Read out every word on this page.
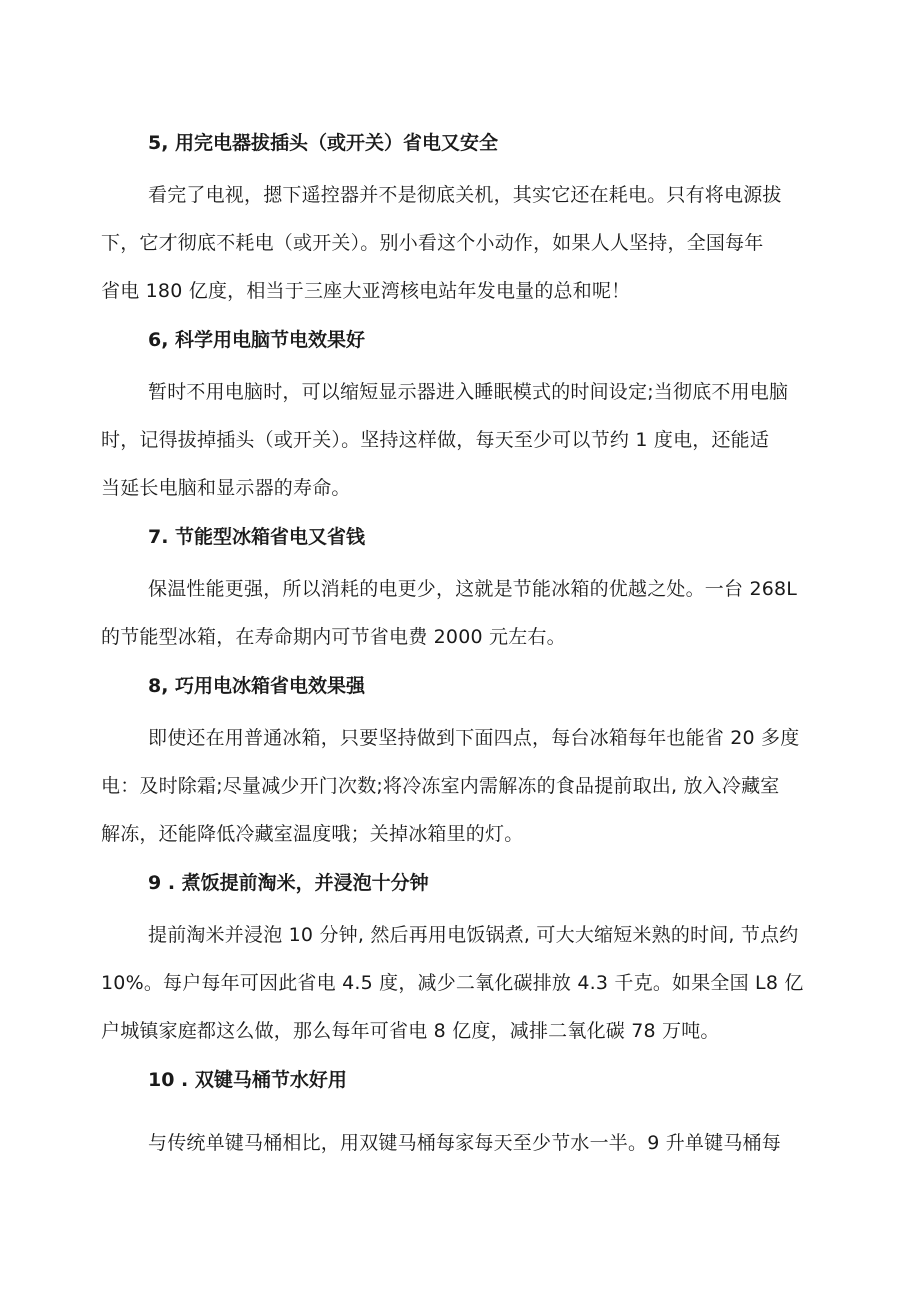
5, 用完电器拔插头（或开关）省电又安全
看完了电视，摁下遥控器并不是彻底关机，其实它还在耗电。只有将电源拔
下，它才彻底不耗电（或开关）。别小看这个小动作，如果人人坚持，全国每年
省电 180 亿度，相当于三座大亚湾核电站年发电量的总和呢！
6, 科学用电脑节电效果好
暂时不用电脑时，可以缩短显示器进入睡眠模式的时间设定;当彻底不用电脑
时，记得拔掉插头（或开关）。坚持这样做，每天至少可以节约 1 度电，还能适
当延长电脑和显示器的寿命。
7. 节能型冰箱省电又省钱
保温性能更强，所以消耗的电更少，这就是节能冰箱的优越之处。一台 268L
的节能型冰箱，在寿命期内可节省电费 2000 元左右。
8, 巧用电冰箱省电效果强
即使还在用普通冰箱，只要坚持做到下面四点，每台冰箱每年也能省 20 多度
电：及时除霜;尽量减少开门次数;将冷冻室内需解冻的食品提前取出, 放入冷藏室
解冻，还能降低冷藏室温度哦；关掉冰箱里的灯。
9 . 煮饭提前淘米，并浸泡十分钟
提前淘米并浸泡 10 分钟, 然后再用电饭锅煮, 可大大缩短米熟的时间, 节点约
10%。每户每年可因此省电 4.5 度，减少二氧化碳排放 4.3 千克。如果全国 L8 亿
户城镇家庭都这么做，那么每年可省电 8 亿度，减排二氧化碳 78 万吨。
10 . 双键马桶节水好用
与传统单键马桶相比，用双键马桶每家每天至少节水一半。9 升单键马桶每
